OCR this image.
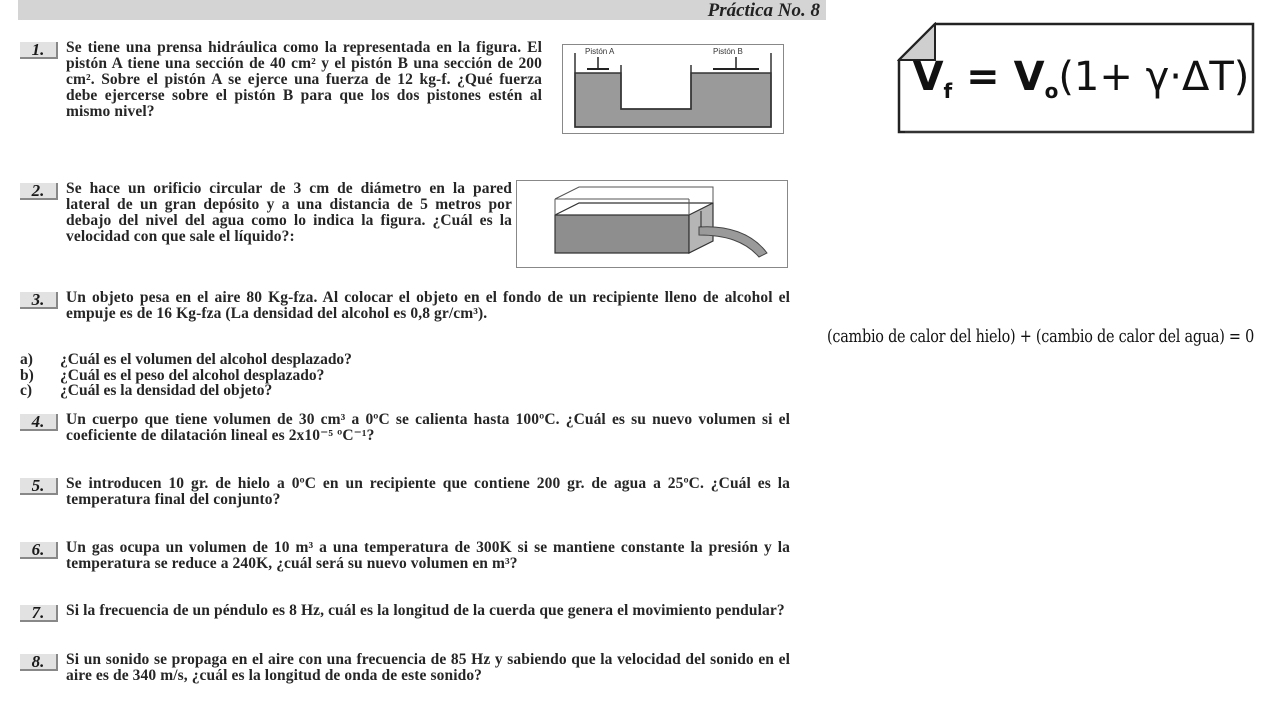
Práctica No. 8
1.	Se tiene una prensa hidráulica como la representada en la figura. El pistón A tiene una sección de 40 cm² y el pistón B una sección de 200 cm². Sobre el pistón A se ejerce una fuerza de 12 kg-f. ¿Qué fuerza debe ejercerse sobre el pistón B para que los dos pistones estén al mismo nivel?

Pistón A	Pistón B
2.	Se hace un orificio circular de 3 cm de diámetro en la pared lateral de un gran depósito y a una distancia de 5 metros por debajo del nivel del agua como lo indica la figura. ¿Cuál es la velocidad con que sale el líquido?:

3.	Un objeto pesa en el aire 80 Kg-fza. Al colocar el objeto en el fondo de un recipiente lleno de alcohol el empuje es de 16 Kg-fza (La densidad del alcohol es 0,8 gr/cm³).

a)	¿Cuál es el volumen del alcohol desplazado?
b)	¿Cuál es el peso del alcohol desplazado?
c)	¿Cuál es la densidad del objeto?
4.	Un cuerpo que tiene volumen de 30 cm³ a 0ºC se calienta hasta 100ºC. ¿Cuál es su nuevo volumen si el coeficiente de dilatación lineal es 2x10⁻⁵ ºC⁻¹?

5.	Se introducen 10 gr. de hielo a 0ºC en un recipiente que contiene 200 gr. de agua a 25ºC. ¿Cuál es la temperatura final del conjunto?

6.	Un gas ocupa un volumen de 10 m³ a una temperatura de 300K si se mantiene constante la presión y la temperatura se reduce a 240K, ¿cuál será su nuevo volumen en m³?

7.	Si la frecuencia de un péndulo es 8 Hz, cuál es la longitud de la cuerda que genera el movimiento pendular?

8.	Si un sonido se propaga en el aire con una frecuencia de 85 Hz y sabiendo que la velocidad del sonido en el aire es de 340 m/s, ¿cuál es la longitud de onda de este sonido?

$V_f = V_o(1+ \gamma\cdot\Delta T)$
(cambio de calor del hielo) + (cambio de calor del agua) = 0
